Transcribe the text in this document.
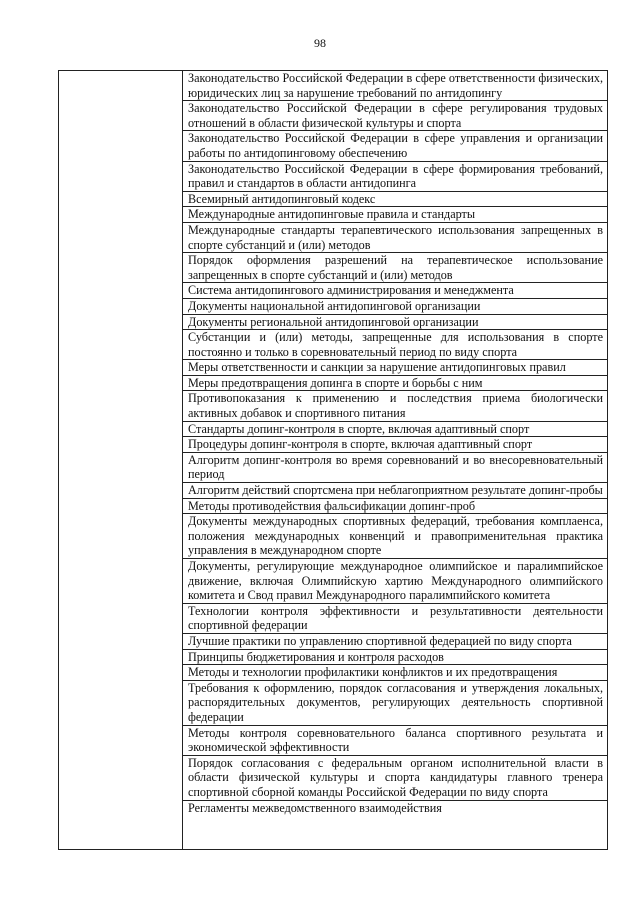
98

Законодательство Российской Федерации в сфере ответственности физических, юридических лиц за нарушение требований по антидопингу
Законодательство Российской Федерации в сфере регулирования трудовых отношений в области физической культуры и спорта
Законодательство Российской Федерации в сфере управления и организации работы по антидопинговому обеспечению
Законодательство Российской Федерации в сфере формирования требований, правил и стандартов в области антидопинга
Всемирный антидопинговый кодекс
Международные антидопинговые правила и стандарты
Международные стандарты терапевтического использования запрещенных в спорте субстанций и (или) методов
Порядок оформления разрешений на терапевтическое использование запрещенных в спорте субстанций и (или) методов
Система антидопингового администрирования и менеджмента
Документы национальной антидопинговой организации
Документы региональной антидопинговой организации
Субстанции и (или) методы, запрещенные для использования в спорте постоянно и только в соревновательный период по виду спорта
Меры ответственности и санкции за нарушение антидопинговых правил
Меры предотвращения допинга в спорте и борьбы с ним
Противопоказания к применению и последствия приема биологически активных добавок и спортивного питания
Стандарты допинг-контроля в спорте, включая адаптивный спорт
Процедуры допинг-контроля в спорте, включая адаптивный спорт
Алгоритм допинг-контроля во время соревнований и во внесоревновательный период
Алгоритм действий спортсмена при неблагоприятном результате допинг-пробы
Методы противодействия фальсификации допинг-проб
Документы международных спортивных федераций, требования комплаенса, положения международных конвенций и правоприменительная практика управления в международном спорте
Документы, регулирующие международное олимпийское и паралимпийское движение, включая Олимпийскую хартию Международного олимпийского комитета и Свод правил Международного паралимпийского комитета
Технологии контроля эффективности и результативности деятельности спортивной федерации
Лучшие практики по управлению спортивной федерацией по виду спорта
Принципы бюджетирования и контроля расходов
Методы и технологии профилактики конфликтов и их предотвращения
Требования к оформлению, порядок согласования и утверждения локальных, распорядительных документов, регулирующих деятельность спортивной федерации
Методы контроля соревновательного баланса спортивного результата и экономической эффективности
Порядок согласования с федеральным органом исполнительной власти в области физической культуры и спорта кандидатуры главного тренера спортивной сборной команды Российской Федерации по виду спорта
Регламенты межведомственного взаимодействия
